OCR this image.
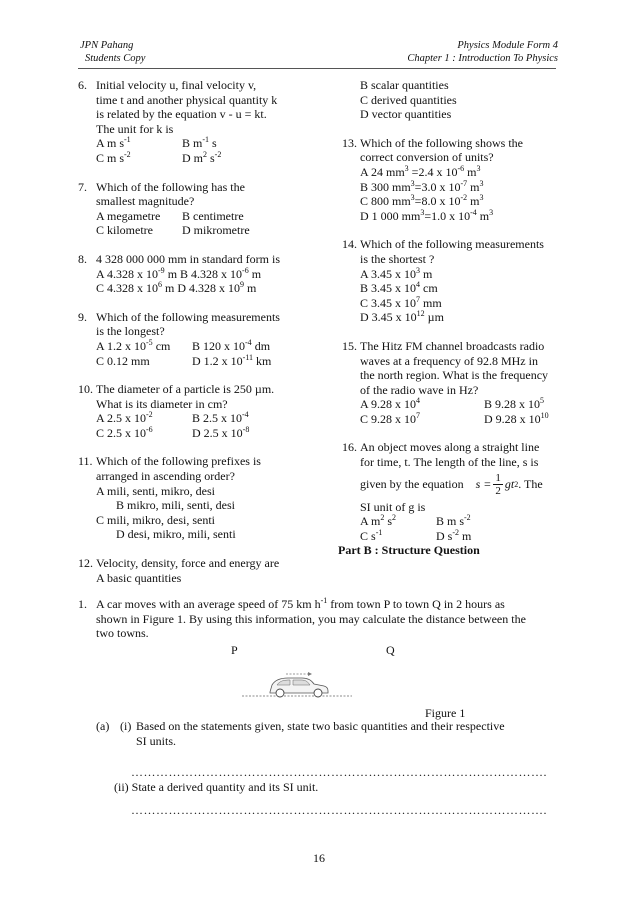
JPN Pahang
Students Copy
Physics Module Form 4
Chapter 1 : Introduction To Physics
6. Initial velocity u, final velocity v,
time t and another physical quantity k
is related by the equation v - u = kt.
The unit for k is
A m $s^{-1}$	B $m^{-1}$ s
C m $s^{-2}$	D $m^2$ $s^{-2}$
7. Which of the following has the
smallest magnitude?
A megametre	B centimetre
C kilometre	D mikrometre
8. 4 328 000 000 mm in standard form is
A 4.328 x $10^{-9}$ m B 4.328 x $10^{-6}$ m
C 4.328 x $10^6$ m D 4.328 x $10^9$ m
9. Which of the following measurements
is the longest?
A 1.2 x $10^{-5}$ cm	B 120 x $10^{-4}$ dm
C 0.12 mm	D 1.2 x $10^{-11}$ km
10. The diameter of a particle is 250 µm.
What is its diameter in cm?
A 2.5 x $10^{-2}$	B 2.5 x $10^{-4}$
C 2.5 x $10^{-6}$	D 2.5 x $10^{-8}$
11. Which of the following prefixes is
arranged in ascending order?
A mili, senti, mikro, desi
B mikro, mili, senti, desi
C mili, mikro, desi, senti
D desi, mikro, mili, senti
12. Velocity, density, force and energy are
A basic quantities
B scalar quantities
C derived quantities
D vector quantities
13. Which of the following shows the
correct conversion of units?
A 24 $mm^3 =2.4$ x $10^{-6}$ $m^3$
B 300 $mm^3=3.0$ x $10^{-7}$ $m^3$
C 800 $mm^3=8.0$ x $10^{-2}$ $m^3$
D 1 000 $mm^3=1.0$ x $10^{-4}$ $m^3$
14. Which of the following measurements
is the shortest ?
A 3.45 x $10^3$ m
B 3.45 x $10^4$ cm
C 3.45 x $10^7$ mm
D 3.45 x $10^{12}$ µm
15. The Hitz FM channel broadcasts radio
waves at a frequency of 92.8 MHz in
the north region. What is the frequency
of the radio wave in Hz?
A 9.28 x $10^4$	B 9.28 x $10^5$
C 9.28 x $10^7$	D 9.28 x $10^{10}$
16. An object moves along a straight line
for time, t. The length of the line, s is
given by the equation $s = \frac{1}{2}$ gt 2 . The
SI unit of g is
A $m^2$ $s^2$	B m $s^{-2}$
C $s^{-1}$	D $s^{-2}$ m
Part B : Structure Question
1. A car moves with an average speed of 75 km $h^{-1}$ from town P to town Q in 2 hours as
shown in Figure 1. By using this information, you may calculate the distance between the
two towns.
P	Q
Figure 1
(a) (i) Based on the statements given, state two basic quantities and their respective
SI units.
……………………………………………………………………………………….
(ii) State a derived quantity and its SI unit.
……………………………………………………………………………………….
16
